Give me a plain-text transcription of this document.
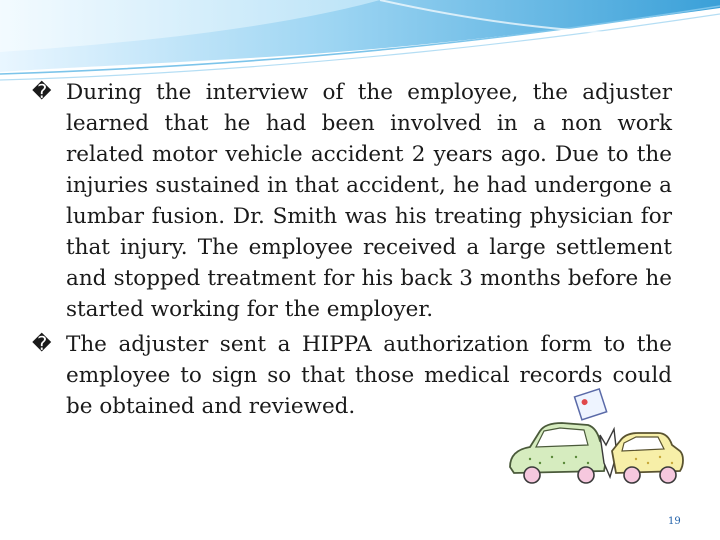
� During the interview of the employee, the adjuster learned that he had been involved in a non work related motor vehicle accident 2 years ago. Due to the injuries sustained in that accident, he had undergone a lumbar fusion. Dr. Smith was his treating physician for that injury. The employee received a large settlement and stopped treatment for his back 3 months before he started working for the employer.

� The adjuster sent a HIPPA authorization form to the employee to sign so that those medical records could be obtained and reviewed.

19
